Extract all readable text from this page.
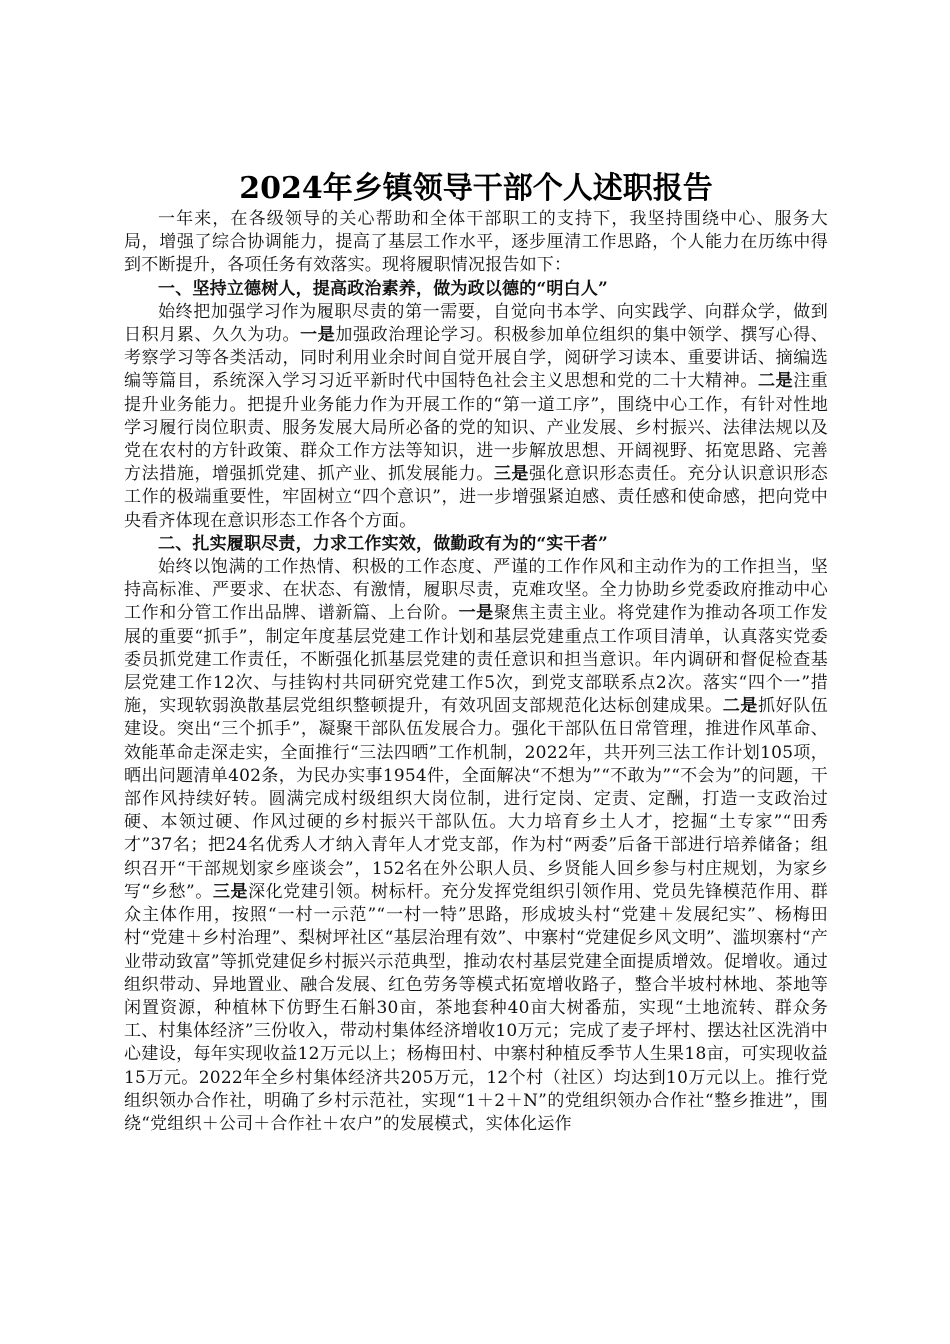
2024年乡镇领导干部个人述职报告

一年来，在各级领导的关心帮助和全体干部职工的支持下，我坚持围绕中心、服务大局，增强了综合协调能力，提高了基层工作水平，逐步厘清工作思路，个人能力在历练中得到不断提升，各项任务有效落实。现将履职情况报告如下：

一、坚持立德树人，提高政治素养，做为政以德的“明白人”

始终把加强学习作为履职尽责的第一需要，自觉向书本学、向实践学、向群众学，做到日积月累、久久为功。一是加强政治理论学习。积极参加单位组织的集中领学、撰写心得、考察学习等各类活动，同时利用业余时间自觉开展自学，阅研学习读本、重要讲话、摘编选编等篇目，系统深入学习习近平新时代中国特色社会主义思想和党的二十大精神。二是注重提升业务能力。把提升业务能力作为开展工作的“第一道工序”，围绕中心工作，有针对性地学习履行岗位职责、服务发展大局所必备的党的知识、产业发展、乡村振兴、法律法规以及党在农村的方针政策、群众工作方法等知识，进一步解放思想、开阔视野、拓宽思路、完善方法措施，增强抓党建、抓产业、抓发展能力。三是强化意识形态责任。充分认识意识形态工作的极端重要性，牢固树立“四个意识”，进一步增强紧迫感、责任感和使命感，把向党中央看齐体现在意识形态工作各个方面。

二、扎实履职尽责，力求工作实效，做勤政有为的“实干者”

始终以饱满的工作热情、积极的工作态度、严谨的工作作风和主动作为的工作担当，坚持高标准、严要求、在状态、有激情，履职尽责，克难攻坚。全力协助乡党委政府推动中心工作和分管工作出品牌、谱新篇、上台阶。一是聚焦主责主业。将党建作为推动各项工作发展的重要“抓手”，制定年度基层党建工作计划和基层党建重点工作项目清单，认真落实党委委员抓党建工作责任，不断强化抓基层党建的责任意识和担当意识。年内调研和督促检查基层党建工作12次、与挂钩村共同研究党建工作5次，到党支部联系点2次。落实“四个一”措施，实现软弱涣散基层党组织整顿提升，有效巩固支部规范化达标创建成果。二是抓好队伍建设。突出“三个抓手”，凝聚干部队伍发展合力。强化干部队伍日常管理，推进作风革命、效能革命走深走实，全面推行“三法四晒”工作机制，2022年，共开列三法工作计划105项，晒出问题清单402条，为民办实事1954件，全面解决“不想为”“不敢为”“不会为”的问题，干部作风持续好转。圆满完成村级组织大岗位制，进行定岗、定责、定酬，打造一支政治过硬、本领过硬、作风过硬的乡村振兴干部队伍。大力培育乡土人才，挖掘“土专家”“田秀才”37名；把24名优秀人才纳入青年人才党支部，作为村“两委”后备干部进行培养储备；组织召开“干部规划家乡座谈会”，152名在外公职人员、乡贤能人回乡参与村庄规划，为家乡写“乡愁”。三是深化党建引领。树标杆。充分发挥党组织引领作用、党员先锋模范作用、群众主体作用，按照“一村一示范”“一村一特”思路，形成坡头村“党建＋发展纪实”、杨梅田村“党建＋乡村治理”、梨树坪社区“基层治理有效”、中寨村“党建促乡风文明”、滥坝寨村“产业带动致富”等抓党建促乡村振兴示范典型，推动农村基层党建全面提质增效。促增收。通过组织带动、异地置业、融合发展、红色劳务等模式拓宽增收路子，整合半坡村林地、茶地等闲置资源，种植林下仿野生石斛30亩，茶地套种40亩大树番茄，实现“土地流转、群众务工、村集体经济”三份收入，带动村集体经济增收10万元；完成了麦子坪村、摆达社区洗消中心建设，每年实现收益12万元以上；杨梅田村、中寨村种植反季节人生果18亩，可实现收益15万元。2022年全乡村集体经济共205万元，12个村（社区）均达到10万元以上。推行党组织领办合作社，明确了乡村示范社，实现“1＋2＋N”的党组织领办合作社“整乡推进”，围绕“党组织＋公司＋合作社＋农户”的发展模式，实体化运作
